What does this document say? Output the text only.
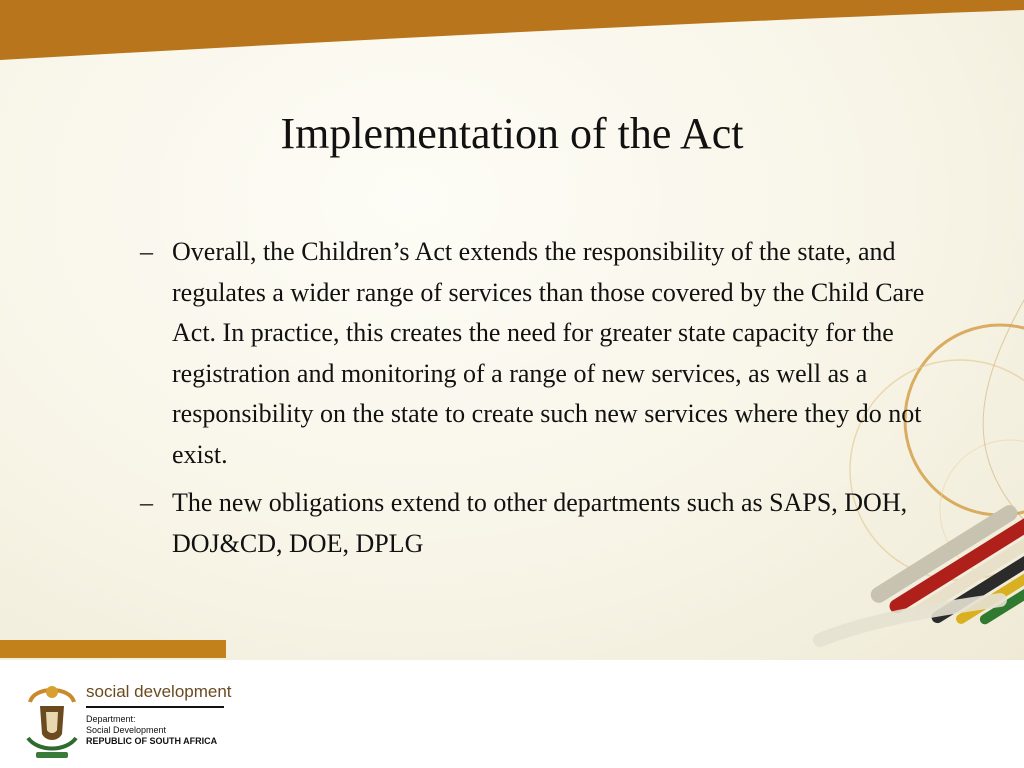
Implementation of the Act
– Overall, the Children’s Act extends the responsibility of the state, and regulates a wider range of services than those covered by the Child Care Act. In practice, this creates the need for greater state capacity for the registration and monitoring of a range of new services, as well as a responsibility on the state to create such new services where they do not exist.
– The new obligations extend to other departments such as SAPS, DOH, DOJ&CD, DOE, DPLG
social development
Department:
Social Development
REPUBLIC OF SOUTH AFRICA
